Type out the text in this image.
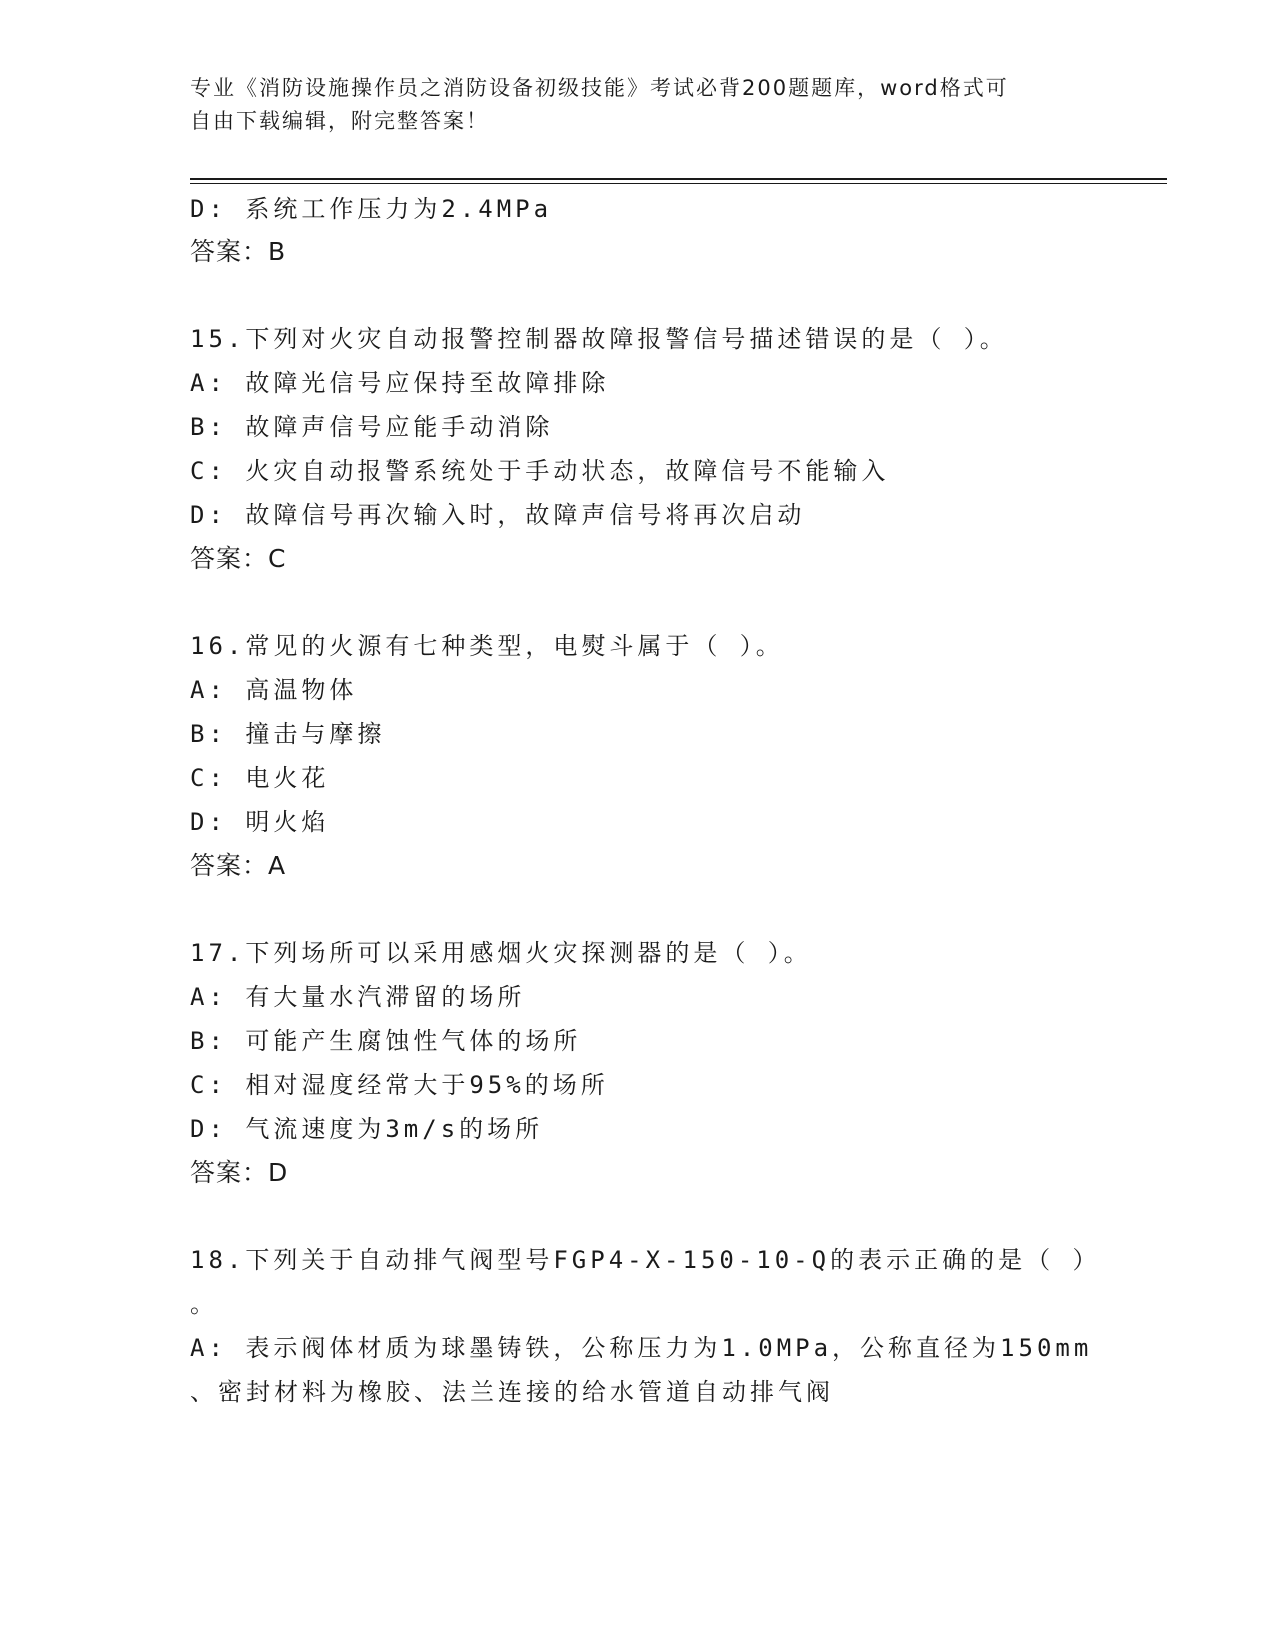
专业《消防设施操作员之消防设备初级技能》考试必背200题题库，word格式可
自由下载编辑，附完整答案！
D: 系统工作压力为2.4MPa
答案：B
15.下列对火灾自动报警控制器故障报警信号描述错误的是（ ）。
A: 故障光信号应保持至故障排除
B: 故障声信号应能手动消除
C: 火灾自动报警系统处于手动状态，故障信号不能输入
D: 故障信号再次输入时，故障声信号将再次启动
答案：C
16.常见的火源有七种类型，电熨斗属于（ ）。
A: 高温物体
B: 撞击与摩擦
C: 电火花
D: 明火焰
答案：A
17.下列场所可以采用感烟火灾探测器的是（ ）。
A: 有大量水汽滞留的场所
B: 可能产生腐蚀性气体的场所
C: 相对湿度经常大于95%的场所
D: 气流速度为3m/s的场所
答案：D
18.下列关于自动排气阀型号FGP4-X-150-10-Q的表示正确的是（ ）
。
A: 表示阀体材质为球墨铸铁，公称压力为1.0MPa，公称直径为150mm
、密封材料为橡胶、法兰连接的给水管道自动排气阀
